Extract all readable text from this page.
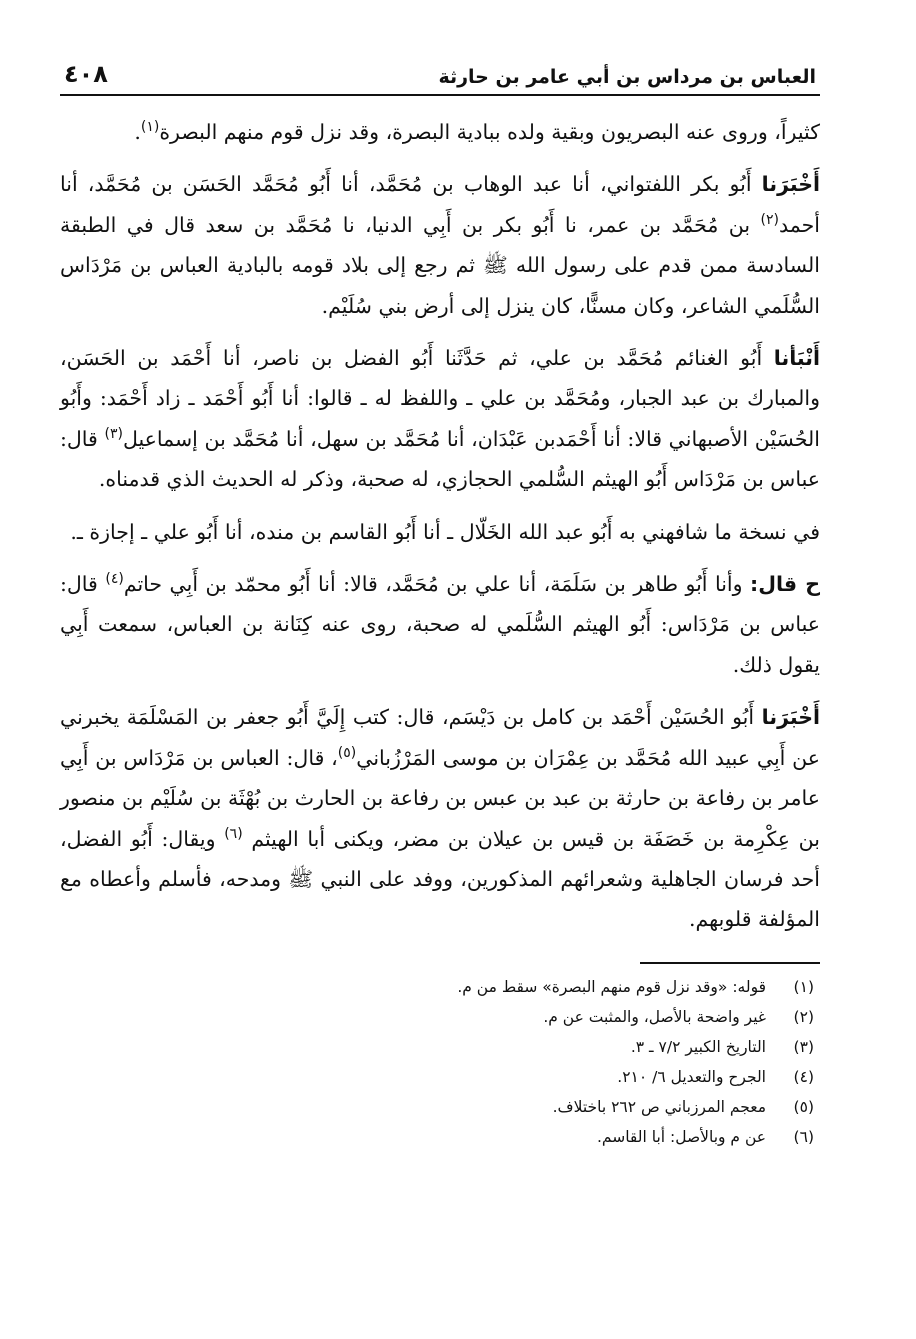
العباس بن مرداس بن أبي عامر بن حارثة
٤٠٨

كثيراً، وروى عنه البصريون وبقية ولده ببادية البصرة، وقد نزل قوم منهم البصرة$^{(١)}$.

أَخْبَرَنا أَبُو بكر اللفتواني، أنا عبد الوهاب بن مُحَمَّد، أنا أَبُو مُحَمَّد الحَسَن بن مُحَمَّد، أنا أحمد$^{(٢)}$ بن مُحَمَّد بن عمر، نا أَبُو بكر بن أَبِي الدنيا، نا مُحَمَّد بن سعد قال في الطبقة السادسة ممن قدم على رسول الله ﷺ ثم رجع إلى بلاد قومه بالبادية العباس بن مَرْدَاس السُّلَمي الشاعر، وكان مسنًّا، كان ينزل إلى أرض بني سُلَيْم.

أَنْبَأنا أَبُو الغنائم مُحَمَّد بن علي، ثم حَدَّثَنا أَبُو الفضل بن ناصر، أنا أَحْمَد بن الحَسَن، والمبارك بن عبد الجبار، ومُحَمَّد بن علي ـ واللفظ له ـ قالوا: أنا أَبُو أَحْمَد ـ زاد أَحْمَد: وأَبُو الحُسَيْن الأصبهاني قالا: أنا أَحْمَدبن عَبْدَان، أنا مُحَمَّد بن سهل، أنا مُحَمَّد بن إسماعيل$^{(٣)}$ قال: عباس بن مَرْدَاس أَبُو الهيثم السُّلمي الحجازي، له صحبة، وذكر له الحديث الذي قدمناه.

في نسخة ما شافهني به أَبُو عبد الله الخَلّال ـ أنا أَبُو القاسم بن منده، أنا أَبُو علي ـ إجازة ـ.

ح قال: وأنا أَبُو طاهر بن سَلَمَة، أنا علي بن مُحَمَّد، قالا: أنا أَبُو محمّد بن أَبِي حاتم$^{(٤)}$ قال: عباس بن مَرْدَاس: أَبُو الهيثم السُّلَمي له صحبة، روى عنه كِنَانة بن العباس، سمعت أَبِي يقول ذلك.

أَخْبَرَنا أَبُو الحُسَيْن أَحْمَد بن كامل بن دَيْسَم، قال: كتب إِلَيَّ أَبُو جعفر بن المَسْلَمَة يخبرني عن أَبِي عبيد الله مُحَمَّد بن عِمْرَان بن موسى المَرْزُباني$^{(٥)}$، قال: العباس بن مَرْدَاس بن أَبِي عامر بن رفاعة بن حارثة بن عبد بن عبس بن رفاعة بن الحارث بن بُهْثَة بن سُلَيْم بن منصور بن عِكْرِمة بن خَصَفَة بن قيس بن عيلان بن مضر، ويكنى أبا الهيثم $^{(٦)}$ ويقال: أَبُو الفضل، أحد فرسان الجاهلية وشعرائهم المذكورين، ووفد على النبي ﷺ ومدحه، فأسلم وأعطاه مع المؤلفة قلوبهم.

(١)
قوله: «وقد نزل قوم منهم البصرة» سقط من م.
(٢)
غير واضحة بالأصل، والمثبت عن م.
(٣)
التاريخ الكبير ٧/٢ ـ ٣.
(٤)
الجرح والتعديل ٦/ ٢١٠.
(٥)
معجم المرزباني ص ٢٦٢ باختلاف.
(٦)
عن م وبالأصل: أبا القاسم.
